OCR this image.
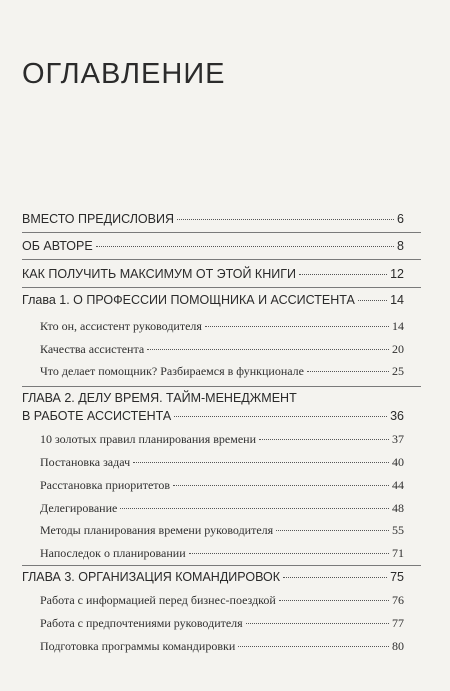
ОГЛАВЛЕНИЕ
ВМЕСТО ПРЕДИСЛОВИЯ	6
ОБ АВТОРЕ	8
КАК ПОЛУЧИТЬ МАКСИМУМ ОТ ЭТОЙ КНИГИ	12
Глава 1. О ПРОФЕССИИ ПОМОЩНИКА И АССИСТЕНТА	14
Кто он, ассистент руководителя	14
Качества ассистента	20
Что делает помощник? Разбираемся в функционале	25
ГЛАВА 2. ДЕЛУ ВРЕМЯ. ТАЙМ-МЕНЕДЖМЕНТ
В РАБОТЕ АССИСТЕНТА	36
10 золотых правил планирования времени	37
Постановка задач	40
Расстановка приоритетов	44
Делегирование	48
Методы планирования времени руководителя	55
Напоследок о планировании	71
ГЛАВА 3. ОРГАНИЗАЦИЯ КОМАНДИРОВОК	75
Работа с информацией перед бизнес-поездкой	76
Работа с предпочтениями руководителя	77
Подготовка программы командировки	80
